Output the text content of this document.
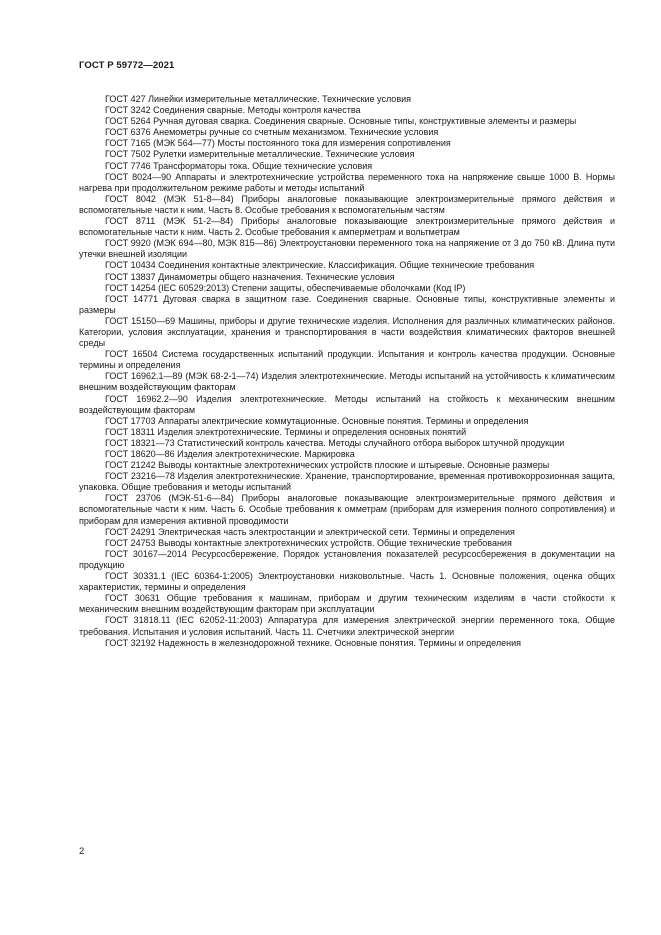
ГОСТ Р 59772—2021

ГОСТ 427 Линейки измерительные металлические. Технические условия

ГОСТ 3242 Соединения сварные. Методы контроля качества

ГОСТ 5264 Ручная дуговая сварка. Соединения сварные. Основные типы, конструктивные элементы и размеры

ГОСТ 6376 Анемометры ручные со счетным механизмом. Технические условия

ГОСТ 7165 (МЭК 564—77) Мосты постоянного тока для измерения сопротивления

ГОСТ 7502 Рулетки измерительные металлические. Технические условия

ГОСТ 7746 Трансформаторы тока. Общие технические условия

ГОСТ 8024—90 Аппараты и электротехнические устройства переменного тока на напряжение свыше 1000 В. Нормы нагрева при продолжительном режиме работы и методы испытаний

ГОСТ 8042 (МЭК 51-8—84) Приборы аналоговые показывающие электроизмерительные прямого действия и вспомогательные части к ним. Часть 8. Особые требования к вспомогательным частям

ГОСТ 8711 (МЭК 51-2—84) Приборы аналоговые показывающие электроизмерительные прямого действия и вспомогательные части к ним. Часть 2. Особые требования к амперметрам и вольтметрам

ГОСТ 9920 (МЭК 694—80, МЭК 815—86) Электроустановки переменного тока на напряжение от 3 до 750 кВ. Длина пути утечки внешней изоляции

ГОСТ 10434 Соединения контактные электрические. Классификация. Общие технические требования

ГОСТ 13837 Динамометры общего назначения. Технические условия

ГОСТ 14254 (IEC 60529:2013) Степени защиты, обеспечиваемые оболочками (Код IP)

ГОСТ 14771 Дуговая сварка в защитном газе. Соединения сварные. Основные типы, конструктивные элементы и размеры

ГОСТ 15150—69 Машины, приборы и другие технические изделия. Исполнения для различных климатических районов. Категории, условия эксплуатации, хранения и транспортирования в части воздействия климатических факторов внешней среды

ГОСТ 16504 Система государственных испытаний продукции. Испытания и контроль качества продукции. Основные термины и определения

ГОСТ 16962.1—89 (МЭК 68-2-1—74) Изделия электротехнические. Методы испытаний на устойчивость к климатическим внешним воздействующим факторам

ГОСТ 16962.2—90 Изделия электротехнические. Методы испытаний на стойкость к механическим внешним воздействующим факторам

ГОСТ 17703 Аппараты электрические коммутационные. Основные понятия. Термины и определения

ГОСТ 18311 Изделия электротехнические. Термины и определения основных понятий

ГОСТ 18321—73 Статистический контроль качества. Методы случайного отбора выборок штучной продукции

ГОСТ 18620—86 Изделия электротехнические. Маркировка

ГОСТ 21242 Выводы контактные электротехнических устройств плоские и штыревые. Основные размеры

ГОСТ 23216—78 Изделия электротехнические. Хранение, транспортирование, временная противокоррозионная защита, упаковка. Общие требования и методы испытаний

ГОСТ 23706 (МЭК-51-6—84) Приборы аналоговые показывающие электроизмерительные прямого действия и вспомогательные части к ним. Часть 6. Особые требования к омметрам (приборам для измерения полного сопротивления) и приборам для измерения активной проводимости

ГОСТ 24291 Электрическая часть электростанции и электрической сети. Термины и определения

ГОСТ 24753 Выводы контактные электротехнических устройств. Общие технические требования

ГОСТ 30167—2014 Ресурсосбережение. Порядок установления показателей ресурсосбережения в документации на продукцию

ГОСТ 30331.1 (IEC 60364-1:2005) Электроустановки низковольтные. Часть 1. Основные положения, оценка общих характеристик, термины и определения

ГОСТ 30631 Общие требования к машинам, приборам и другим техническим изделиям в части стойкости к механическим внешним воздействующим факторам при эксплуатации

ГОСТ 31818.11 (IEC 62052-11:2003) Аппаратура для измерения электрической энергии переменного тока. Общие требования. Испытания и условия испытаний. Часть 11. Счетчики электрической энергии

ГОСТ 32192 Надежность в железнодорожной технике. Основные понятия. Термины и определения

2
